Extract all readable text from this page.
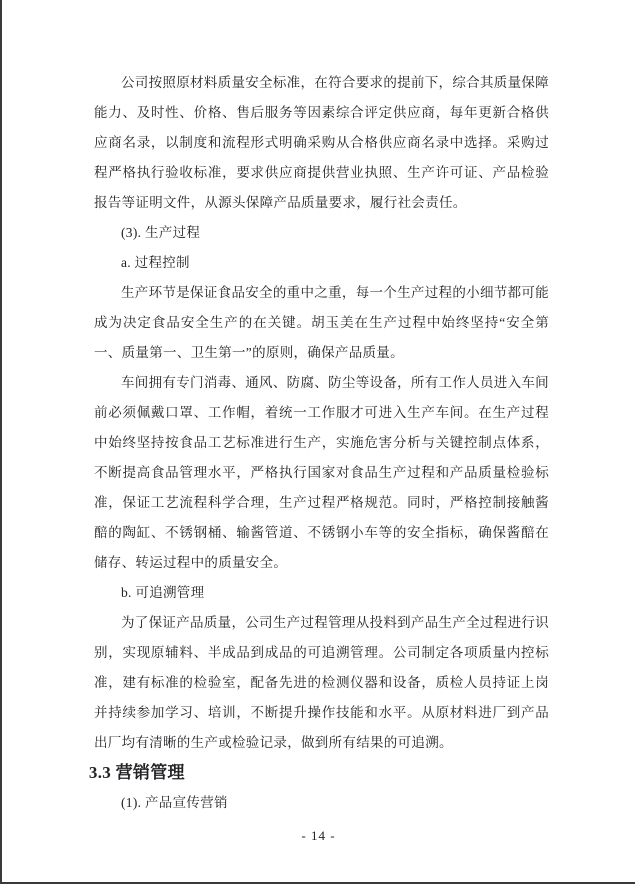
公司按照原材料质量安全标准，在符合要求的提前下，综合其质量保障能力、及时性、价格、售后服务等因素综合评定供应商，每年更新合格供应商名录，以制度和流程形式明确采购从合格供应商名录中选择。采购过程严格执行验收标准，要求供应商提供营业执照、生产许可证、产品检验报告等证明文件，从源头保障产品质量要求，履行社会责任。

(3). 生产过程

a. 过程控制

生产环节是保证食品安全的重中之重，每一个生产过程的小细节都可能成为决定食品安全生产的在关键。胡玉美在生产过程中始终坚持“安全第一、质量第一、卫生第一”的原则，确保产品质量。

车间拥有专门消毒、通风、防腐、防尘等设备，所有工作人员进入车间前必须佩戴口罩、工作帽，着统一工作服才可进入生产车间。在生产过程中始终坚持按食品工艺标准进行生产，实施危害分析与关键控制点体系，不断提高食品管理水平，严格执行国家对食品生产过程和产品质量检验标准，保证工艺流程科学合理，生产过程严格规范。同时，严格控制接触酱醅的陶缸、不锈钢桶、输酱管道、不锈钢小车等的安全指标，确保酱醅在储存、转运过程中的质量安全。

b. 可追溯管理

为了保证产品质量，公司生产过程管理从投料到产品生产全过程进行识别，实现原辅料、半成品到成品的可追溯管理。公司制定各项质量内控标准，建有标准的检验室，配备先进的检测仪器和设备，质检人员持证上岗并持续参加学习、培训，不断提升操作技能和水平。从原材料进厂到产品出厂均有清晰的生产或检验记录，做到所有结果的可追溯。

3.3 营销管理

(1). 产品宣传营销

- 14 -
